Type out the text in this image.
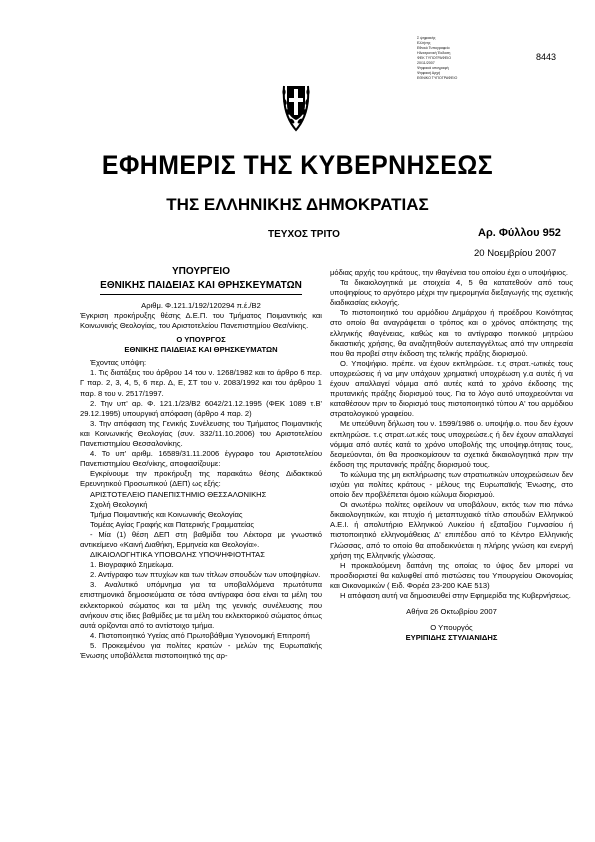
Σ ψηφιακής
Ελλήνης
Εθνικό Τυπογραφείο
Ηλεκτρονική Έκδοση
ΦΕΚ ΤΥΠΟΓΡΑΦΕΙΟ
20/11/2007
Ψηφιακά υπογραφή
Ψηφιακή Αρχή
ΕΘΝΙΚΟ ΤΥΠΟΓΡΑΦΕΙΟ
8443
ΕΦΗΜΕΡΙΣ ΤΗΣ ΚΥΒΕΡΝΗΣΕΩΣ
ΤΗΣ ΕΛΛΗΝΙΚΗΣ ΔΗΜΟΚΡΑΤΙΑΣ
ΤΕΥΧΟΣ ΤΡΙΤΟ	Αρ. Φύλλου 952
20 Νοεμβρίου 2007
ΥΠΟΥΡΓΕΙΟ
ΕΘΝΙΚΗΣ ΠΑΙΔΕΙΑΣ ΚΑΙ ΘΡΗΣΚΕΥΜΑΤΩΝ

Αριθμ. Φ.121.1/192/120294 π.έ./Β2

Έγκριση προκήρυξης θέσης Δ.Ε.Π. του Τμήματος Ποιμαντικής και Κοινωνικής Θεολογίας, του Αριστοτελείου Πανεπιστημίου Θεσ/νίκης.

Ο ΥΠΟΥΡΓΟΣ
ΕΘΝΙΚΗΣ ΠΑΙΔΕΙΑΣ ΚΑΙ ΘΡΗΣΚΕΥΜΑΤΩΝ

Έχοντας υπόψη:

1. Τις διατάξεις του άρθρου 14 του ν. 1268/1982 και το άρθρο 6 περ. Γ παρ. 2, 3, 4, 5, 6 περ. Δ, Ε, ΣΤ του ν. 2083/1992 και του άρθρου 1 παρ. 8 του ν. 2517/1997.

2. Την υπ' αρ. Φ. 121.1/23/Β2 6042/21.12.1995 (ΦΕΚ 1089 τ.Β' 29.12.1995) υπουργική απόφαση (άρθρο 4 παρ. 2)

3. Την απόφαση της Γενικής Συνέλευσης του Τμήματος Ποιμαντικής και Κοινωνικής Θεολογίας (συν. 332/11.10.2006) του Αριστοτελείου Πανεπιστημίου Θεσσαλονίκης.

4. Το υπ' αριθμ. 16589/31.11.2006 έγγραφο του Αριστοτελείου Πανεπιστημίου Θεσ/νίκης, αποφασίζουμε:

Εγκρίνουμε την προκήρυξη της παρακάτω θέσης Διδακτικού Ερευνητικού Προσωπικού (ΔΕΠ) ως εξής:

ΑΡΙΣΤΟΤΕΛΕΙΟ ΠΑΝΕΠΙΣΤΗΜΙΟ ΘΕΣΣΑΛΟΝΙΚΗΣ

Σχολή Θεολογική

Τμήμα Ποιμαντικής και Κοινωνικής Θεολογίας

Τομέας Αγίας Γραφής και Πατερικής Γραμματείας

- Μία (1) θέση ΔΕΠ στη βαθμίδα του Λέκτορα με γνωστικό αντικείμενο «Καινή Διαθήκη, Ερμηνεία και Θεολογία».

ΔΙΚΑΙΟΛΟΓΗΤΙΚΑ ΥΠΟΒΟΛΗΣ ΥΠΟΨΗΦΙΟΤΗΤΑΣ

1. Βιογραφικό Σημείωμα.

2. Αντίγραφο των πτυχίων και των τίτλων σπουδών των υποψηφίων.

3. Αναλυτικό υπόμνημα για τα υποβαλλόμενα πρωτότυπα επιστημονικά δημοσιεύματα σε τόσα αντίγραφα όσα είναι τα μέλη του εκλεκτορικού σώματος και τα μέλη της γενικής συνέλευσης που ανήκουν στις ίδιες βαθμίδες με τα μέλη του εκλεκτορικού σώματος όπως αυτά ορίζονται από το αντίστοιχο τμήμα.

4. Πιστοποιητικό Υγείας από Πρωτοβάθμια Υγειονομική Επιτροπή

5. Προκειμένου για πολίτες κρατών - μελών της Ευρωπαϊκής Ένωσης υποβάλλεται πιστοποιητικό της αρ-

μόδιας αρχής του κράτους, την ιθαγένεια του οποίου έχει ο υποψήφιος.

Τα δικαιολογητικά με στοιχεία 4, 5 θα κατατεθούν από τους υποψηφίους το αργότερο μέχρι την ημερομηνία διεξαγωγής της σχετικής διαδικασίας εκλογής.

Το πιστοποιητικό του αρμόδιου Δημάρχου ή προέδρου Κοινότητας στο οποίο θα αναγράφεται ο τρόπος και ο χρόνος απόκτησης της ελληνικής ιθαγένειας, καθώς και το αντίγραφο ποινικού μητρώου δικαστικής χρήσης, θα αναζητηθούν αυτεπαγγέλτως από την υπηρεσία που θα προβεί στην έκδοση της τελικής πράξης διορισμού.

Ο. Υποψήφιο. πρέπε. να έχουν εκπληρώσε. τ.ς στρατ.-ωτικές τους υποχρεώσεις ή να μην υπάχουν χρηματική υποχρέωση γ.α αυτές ή να έχουν απαλλαγεί νόμιμα από αυτές κατά το χρόνο έκδοσης της πρυτανικής πράξης διορισμού τους. Για το λόγο αυτό υποχρεούνται να καταθέσουν πριν το διορισμό τους πιστοποιητικό τύπου Α' του αρμόδιου στρατολογικού γραφείου.

Με υπεύθυνη δήλωση του ν. 1599/1986 ο. υποψήφ.ο. που δεν έχουν εκπληρώσε. τ.ς στρατ.ωτ.κές τους υποχρεώσε.ς ή δεν έχουν απαλλαγεί νόμιμα από αυτές κατά το χρόνο υποβολής της υποψηφ.ότητας τους, δεσμεύονται, ότι θα προσκομίσουν τα σχετικά δικαιολογητικά πριν την έκδοση της πρυτανικής πράξης διορισμού τους.

Το κώλυμα της μη εκπλήρωσης των στρατιωτικών υποχρεώσεων δεν ισχύει για πολίτες κράτους - μέλους της Ευρωπαϊκής Ένωσης, στο οποίο δεν προβλέπεται όμοιο κώλυμα διορισμού.

Οι ανωτέρω πολίτες οφείλουν να υποβάλουν, εκτός των πιο πάνω δικαιολογητικών, και πτυχίο ή μεταπτυχιακό τίτλο σπουδών Ελληνικού Α.Ε.Ι. ή απολυτήριο Ελληνικού Λυκείου ή εξαταξίου Γυμνασίου ή πιστοποιητικό ελληνομάθειας Δ' επιπέδου από το Κέντρο Ελληνικής Γλώσσας, από το οποίο θα αποδεικνύεται η πλήρης γνώση και ενεργή χρήση της Ελληνικής γλώσσας.

Η προκαλούμενη δαπάνη της οποίας το ύψος δεν μπορεί να προσδιοριστεί θα καλυφθεί από πιστώσεις του Υπουργείου Οικονομίας και Οικονομικών ( Ειδ. Φορέα 23-200 ΚΑΕ 513)

Η απόφαση αυτή να δημοσιευθεί στην Εφημερίδα της Κυβερνήσεως.

Αθήνα 26 Οκτωβρίου 2007

Ο Υπουργός

ΕΥΡΙΠΙΔΗΣ ΣΤΥΛΙΑΝΙΔΗΣ
